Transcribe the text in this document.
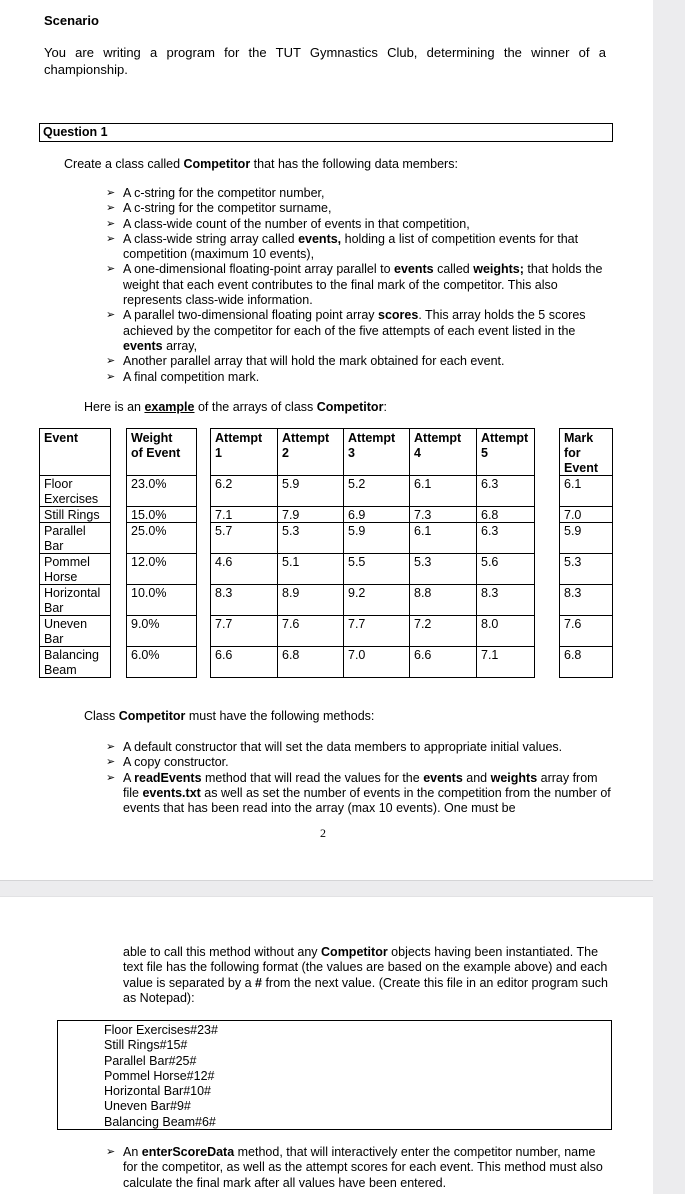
Scenario
You are writing a program for the TUT Gymnastics Club, determining the winner of a championship.
Question 1
Create a class called Competitor that has the following data members:
➢ A c-string for the competitor number,
➢ A c-string for the competitor surname,
➢ A class-wide count of the number of events in that competition,
➢ A class-wide string array called events, holding a list of competition events for that competition (maximum 10 events),
➢ A one-dimensional floating-point array parallel to events called weights; that holds the weight that each event contributes to the final mark of the competitor. This also represents class-wide information.
➢ A parallel two-dimensional floating point array scores. This array holds the 5 scores achieved by the competitor for each of the five attempts of each event listed in the events array,
➢ Another parallel array that will hold the mark obtained for each event.
➢ A final competition mark.
Here is an example of the arrays of class Competitor:
Event
Floor
Exercises
Still Rings
Parallel
Bar
Pommel
Horse
Horizontal
Bar
Uneven
Bar
Balancing
Beam
Weight
of Event
23.0%
15.0%
25.0%
12.0%
10.0%
9.0%
6.0%
Attempt
1
6.2
7.1
5.7
4.6
8.3
7.7
6.6
Attempt
2
5.9
7.9
5.3
5.1
8.9
7.6
6.8
Attempt
3
5.2
6.9
5.9
5.5
9.2
7.7
7.0
Attempt
4
6.1
7.3
6.1
5.3
8.8
7.2
6.6
Attempt
5
6.3
6.8
6.3
5.6
8.3
8.0
7.1
Mark
for
Event
6.1
7.0
5.9
5.3
8.3
7.6
6.8
Class Competitor must have the following methods:
➢ A default constructor that will set the data members to appropriate initial values.
➢ A copy constructor.
➢ A readEvents method that will read the values for the events and weights array from file events.txt as well as set the number of events in the competition from the number of events that has been read into the array (max 10 events). One must be
2
able to call this method without any Competitor objects having been instantiated. The text file has the following format (the values are based on the example above) and each value is separated by a # from the next value. (Create this file in an editor program such as Notepad):
Floor Exercises#23#
Still Rings#15#
Parallel Bar#25#
Pommel Horse#12#
Horizontal Bar#10#
Uneven Bar#9#
Balancing Beam#6#
➢ An enterScoreData method, that will interactively enter the competitor number, name for the competitor, as well as the attempt scores for each event. This method must also calculate the final mark after all values have been entered.
